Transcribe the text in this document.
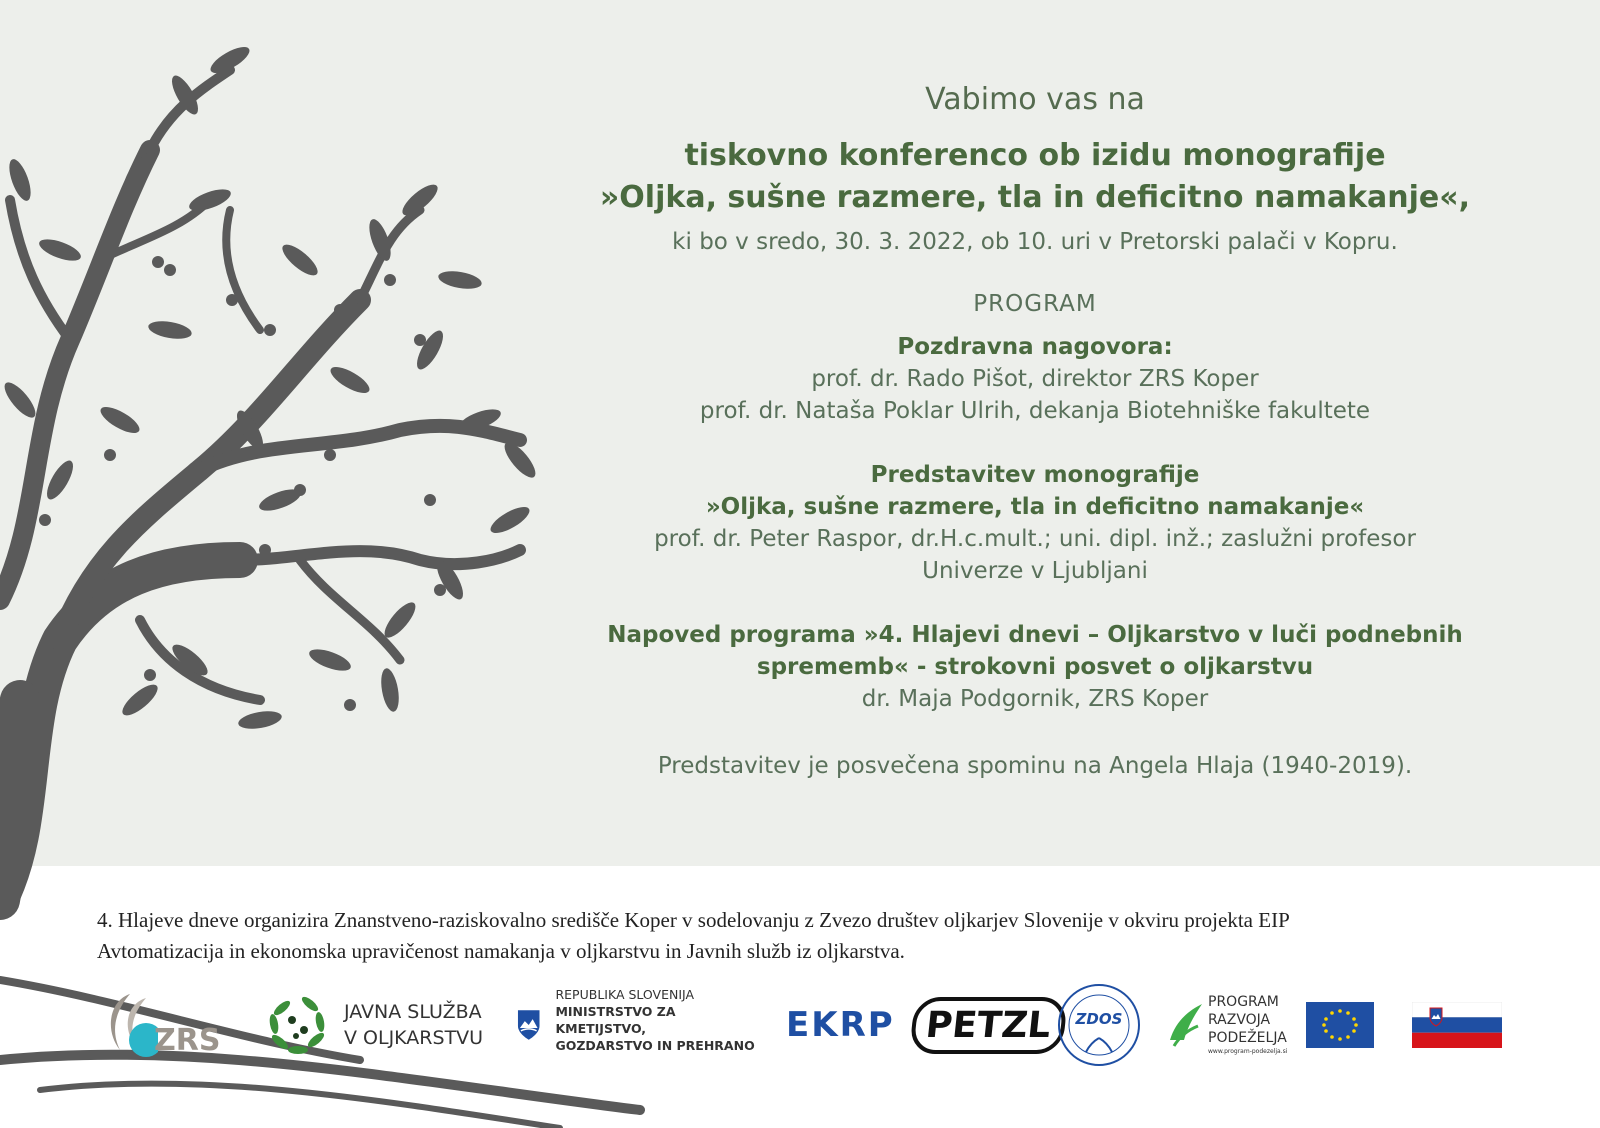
Vabimo vas na

tiskovno konferenco ob izidu monografije

»Oljka, sušne razmere, tla in deficitno namakanje«,

ki bo v sredo, 30. 3. 2022, ob 10. uri v Pretorski palači v Kopru.

PROGRAM

Pozdravna nagovora:

prof. dr. Rado Pišot, direktor ZRS Koper

prof. dr. Nataša Poklar Ulrih, dekanja Biotehniške fakultete

Predstavitev monografije

»Oljka, sušne razmere, tla in deficitno namakanje«

prof. dr. Peter Raspor, dr.H.c.mult.; uni. dipl. inž.; zaslužni profesor

Univerze v Ljubljani

Napoved programa »4. Hlajevi dnevi – Oljkarstvo v luči podnebnih

sprememb« - strokovni posvet o oljkarstvu

dr. Maja Podgornik, ZRS Koper

Predstavitev je posvečena spominu na Angela Hlaja (1940-2019).

4. Hlajeve dneve organizira Znanstveno-raziskovalno središče Koper v sodelovanju z Zvezo društev oljkarjev Slovenije v okviru projekta EIP
Avtomatizacija in ekonomska upravičenost namakanja v oljkarstvu in Javnih služb iz oljkarstva.
ZRS
JAVNA SLUŽBA
V OLJKARSTVU
REPUBLIKA SLOVENIJA
MINISTRSTVO ZA KMETIJSTVO,
GOZDARSTVO IN PREHRANO
EKRP PETZL	ZDOS
PROGRAM
RAZVOJA
PODEŽELJA
www.program-podezelja.si
